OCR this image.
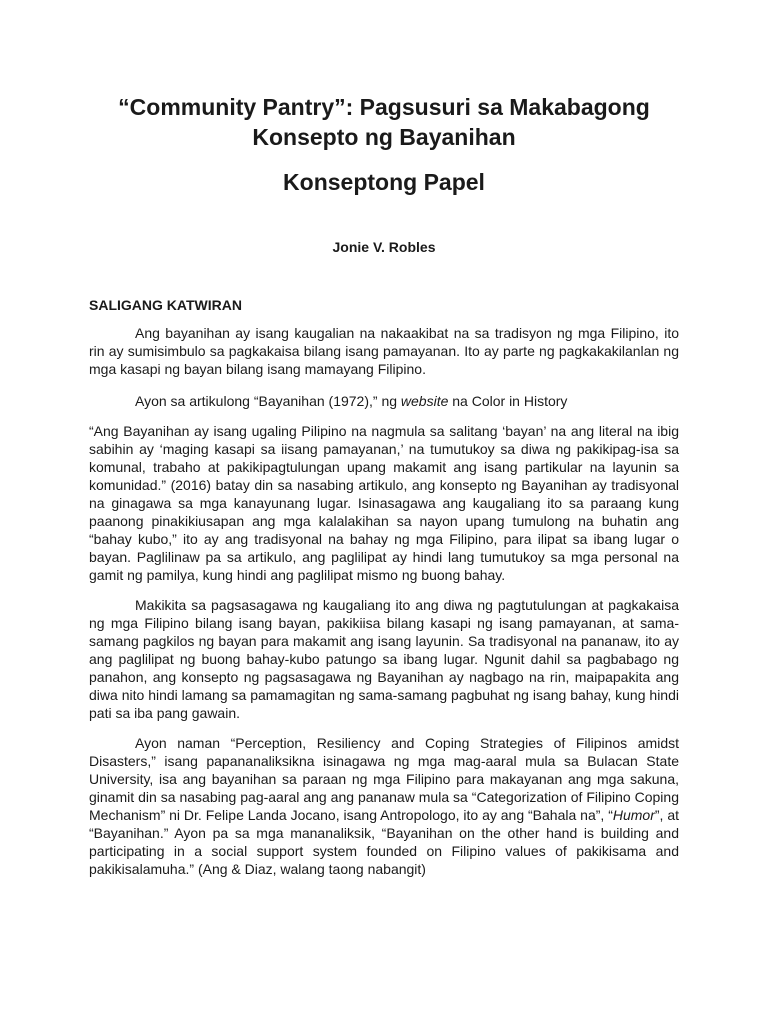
“Community Pantry”: Pagsusuri sa Makabagong Konsepto ng Bayanihan
Konseptong Papel
Jonie V. Robles
SALIGANG KATWIRAN

Ang bayanihan ay isang kaugalian na nakaakibat na sa tradisyon ng mga Filipino, ito rin ay sumisimbulo sa pagkakaisa bilang isang pamayanan. Ito ay parte ng pagkakakilanlan ng mga kasapi ng bayan bilang isang mamayang Filipino.

Ayon sa artikulong “Bayanihan (1972),” ng website na Color in History

“Ang Bayanihan ay isang ugaling Pilipino na nagmula sa salitang ‘bayan’ na ang literal na ibig sabihin ay ‘maging kasapi sa iisang pamayanan,’ na tumutukoy sa diwa ng pakikipag-isa sa komunal, trabaho at pakikipagtulungan upang makamit ang isang partikular na layunin sa komunidad.” (2016) batay din sa nasabing artikulo, ang konsepto ng Bayanihan ay tradisyonal na ginagawa sa mga kanayunang lugar. Isinasagawa ang kaugaliang ito sa paraang kung paanong pinakikiusapan ang mga kalalakihan sa nayon upang tumulong na buhatin ang “bahay kubo,” ito ay ang tradisyonal na bahay ng mga Filipino, para ilipat sa ibang lugar o bayan. Paglilinaw pa sa artikulo, ang paglilipat ay hindi lang tumutukoy sa mga personal na gamit ng pamilya, kung hindi ang paglilipat mismo ng buong bahay.

Makikita sa pagsasagawa ng kaugaliang ito ang diwa ng pagtutulungan at pagkakaisa ng mga Filipino bilang isang bayan, pakikiisa bilang kasapi ng isang pamayanan, at sama-samang pagkilos ng bayan para makamit ang isang layunin. Sa tradisyonal na pananaw, ito ay ang paglilipat ng buong bahay-kubo patungo sa ibang lugar. Ngunit dahil sa pagbabago ng panahon, ang konsepto ng pagsasagawa ng Bayanihan ay nagbago na rin, maipapakita ang diwa nito hindi lamang sa pamamagitan ng sama-samang pagbuhat ng isang bahay, kung hindi pati sa iba pang gawain.

Ayon naman “Perception, Resiliency and Coping Strategies of Filipinos amidst Disasters,” isang papananaliksikna isinagawa ng mga mag-aaral mula sa Bulacan State University, isa ang bayanihan sa paraan ng mga Filipino para makayanan ang mga sakuna, ginamit din sa nasabing pag-aaral ang ang pananaw mula sa “Categorization of Filipino Coping Mechanism” ni Dr. Felipe Landa Jocano, isang Antropologo, ito ay ang “Bahala na”, “Humor”, at “Bayanihan.” Ayon pa sa mga mananaliksik, “Bayanihan on the other hand is building and participating in a social support system founded on Filipino values of pakikisama and pakikisalamuha.” (Ang & Diaz, walang taong nabangit)
